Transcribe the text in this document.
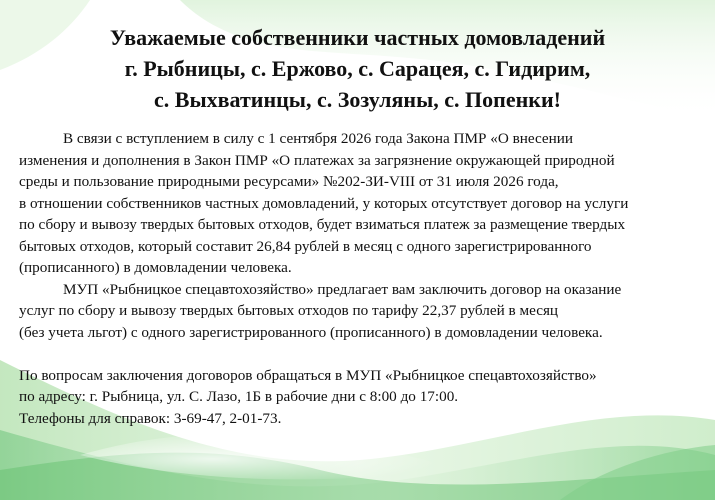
Уважаемые собственники частных домовладений
г. Рыбницы, с. Ержово, с. Сарацея, с. Гидирим,
с. Выхватинцы, с. Зозуляны, с. Попенки!
В связи с вступлением в силу с 1 сентября 2026 года Закона ПМР «О внесении
изменения и дополнения в Закон ПМР «О платежах за загрязнение окружающей природной
среды и пользование природными ресурсами» №202-ЗИ-VIII от 31 июля 2026 года,
в отношении собственников частных домовладений, у которых отсутствует договор на услуги
по сбору и вывозу твердых бытовых отходов, будет взиматься платеж за размещение твердых
бытовых отходов, который составит 26,84 рублей в месяц с одного зарегистрированного
(прописанного) в домовладении человека.
МУП «Рыбницкое спецавтохозяйство» предлагает вам заключить договор на оказание
услуг по сбору и вывозу твердых бытовых отходов по тарифу 22,37 рублей в месяц
(без учета льгот) с одного зарегистрированного (прописанного) в домовладении человека.
По вопросам заключения договоров обращаться в МУП «Рыбницкое спецавтохозяйство»
по адресу: г. Рыбница, ул. С. Лазо, 1Б в рабочие дни с 8:00 до 17:00.
Телефоны для справок: 3-69-47, 2-01-73.
